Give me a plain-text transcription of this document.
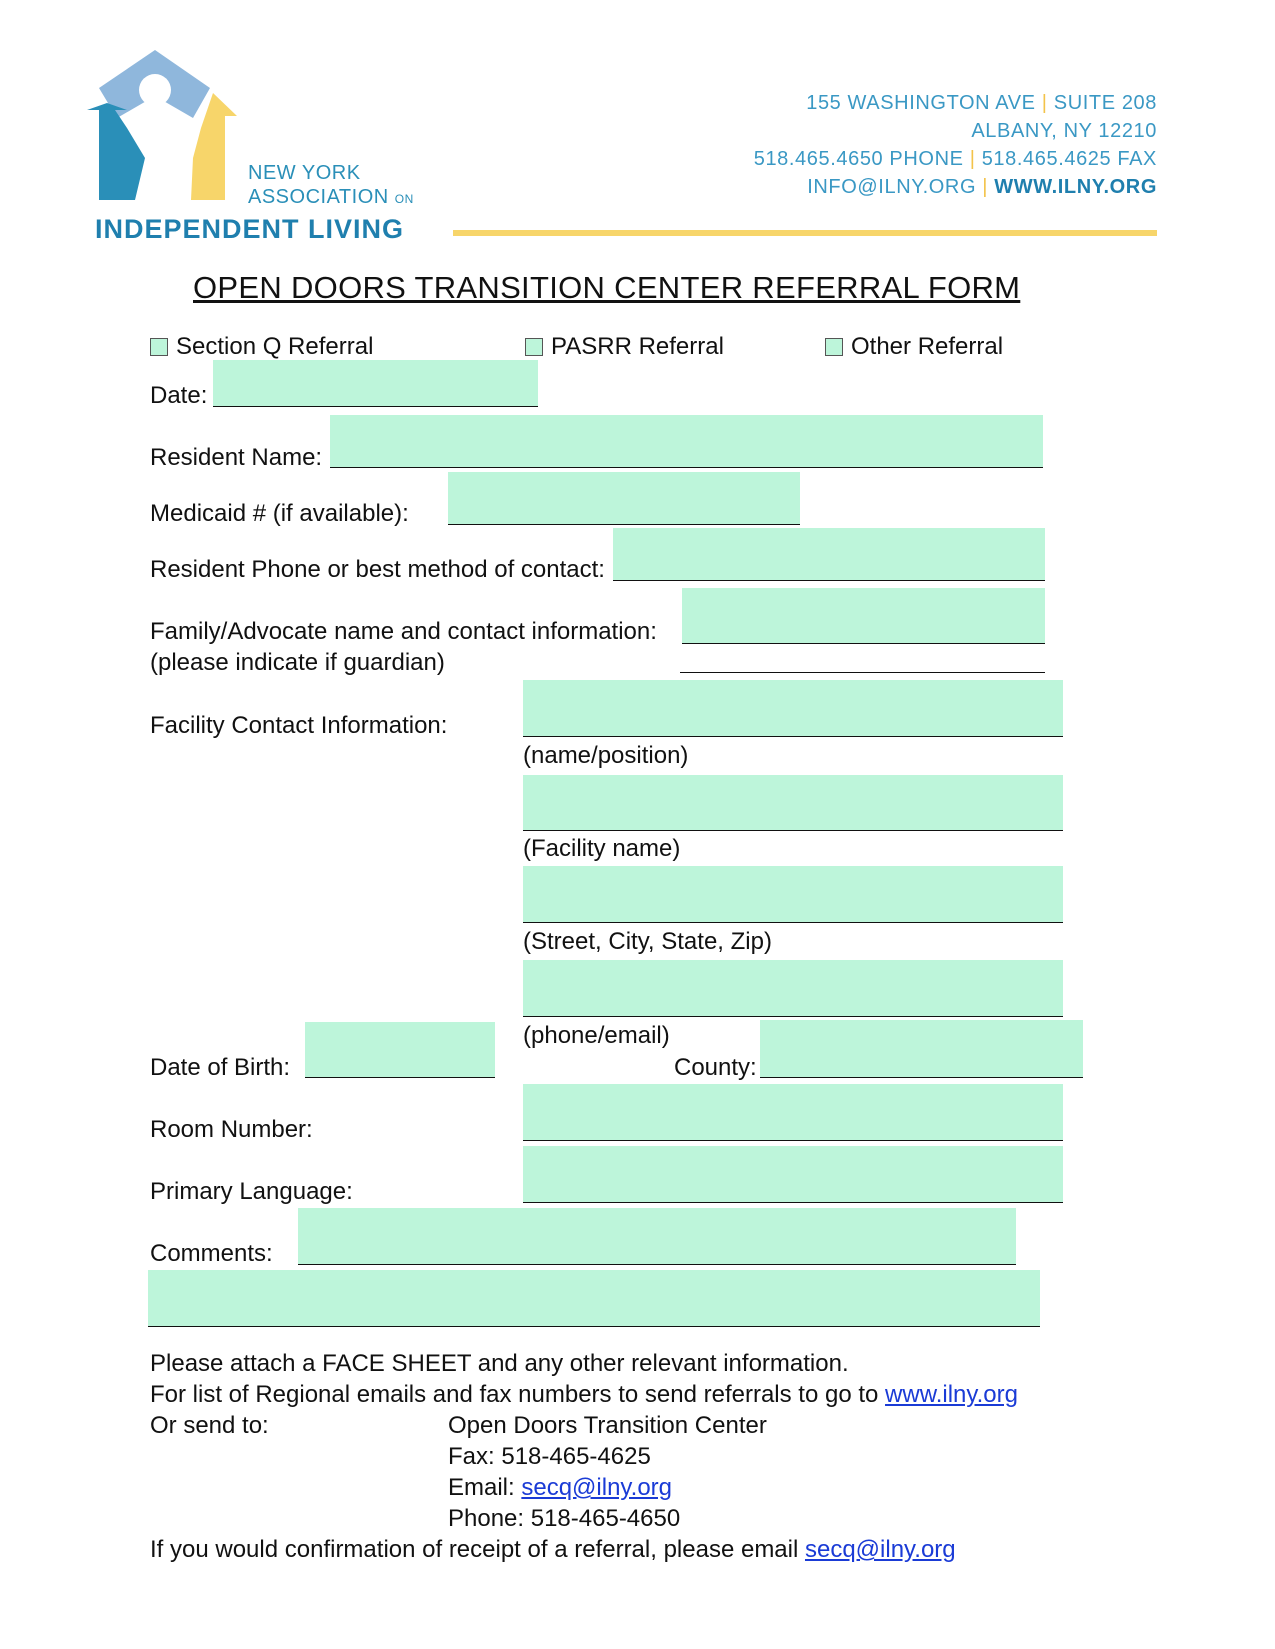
NEW YORK
ASSOCIATION ON
INDEPENDENT LIVING
155 WASHINGTON AVE | SUITE 208
ALBANY, NY 12210
518.465.4650 PHONE | 518.465.4625 FAX
INFO@ILNY.ORG | WWW.ILNY.ORG
OPEN DOORS TRANSITION CENTER REFERRAL FORM
Section Q Referral	PASRR Referral	Other Referral
Date:
Resident Name:
Medicaid # (if available):
Resident Phone or best method of contact:
Family/Advocate name and contact information:
(please indicate if guardian)
Facility Contact Information:
(name/position)
(Facility name)
(Street, City, State, Zip)
(phone/email)
Date of Birth:	County:
Room Number:
Primary Language:
Comments:
Please attach a FACE SHEET and any other relevant information.
For list of Regional emails and fax numbers to send referrals to go to www.ilny.org
Or send to:	Open Doors Transition Center
Fax: 518-465-4625
Email: secq@ilny.org
Phone: 518-465-4650
If you would confirmation of receipt of a referral, please email secq@ilny.org
